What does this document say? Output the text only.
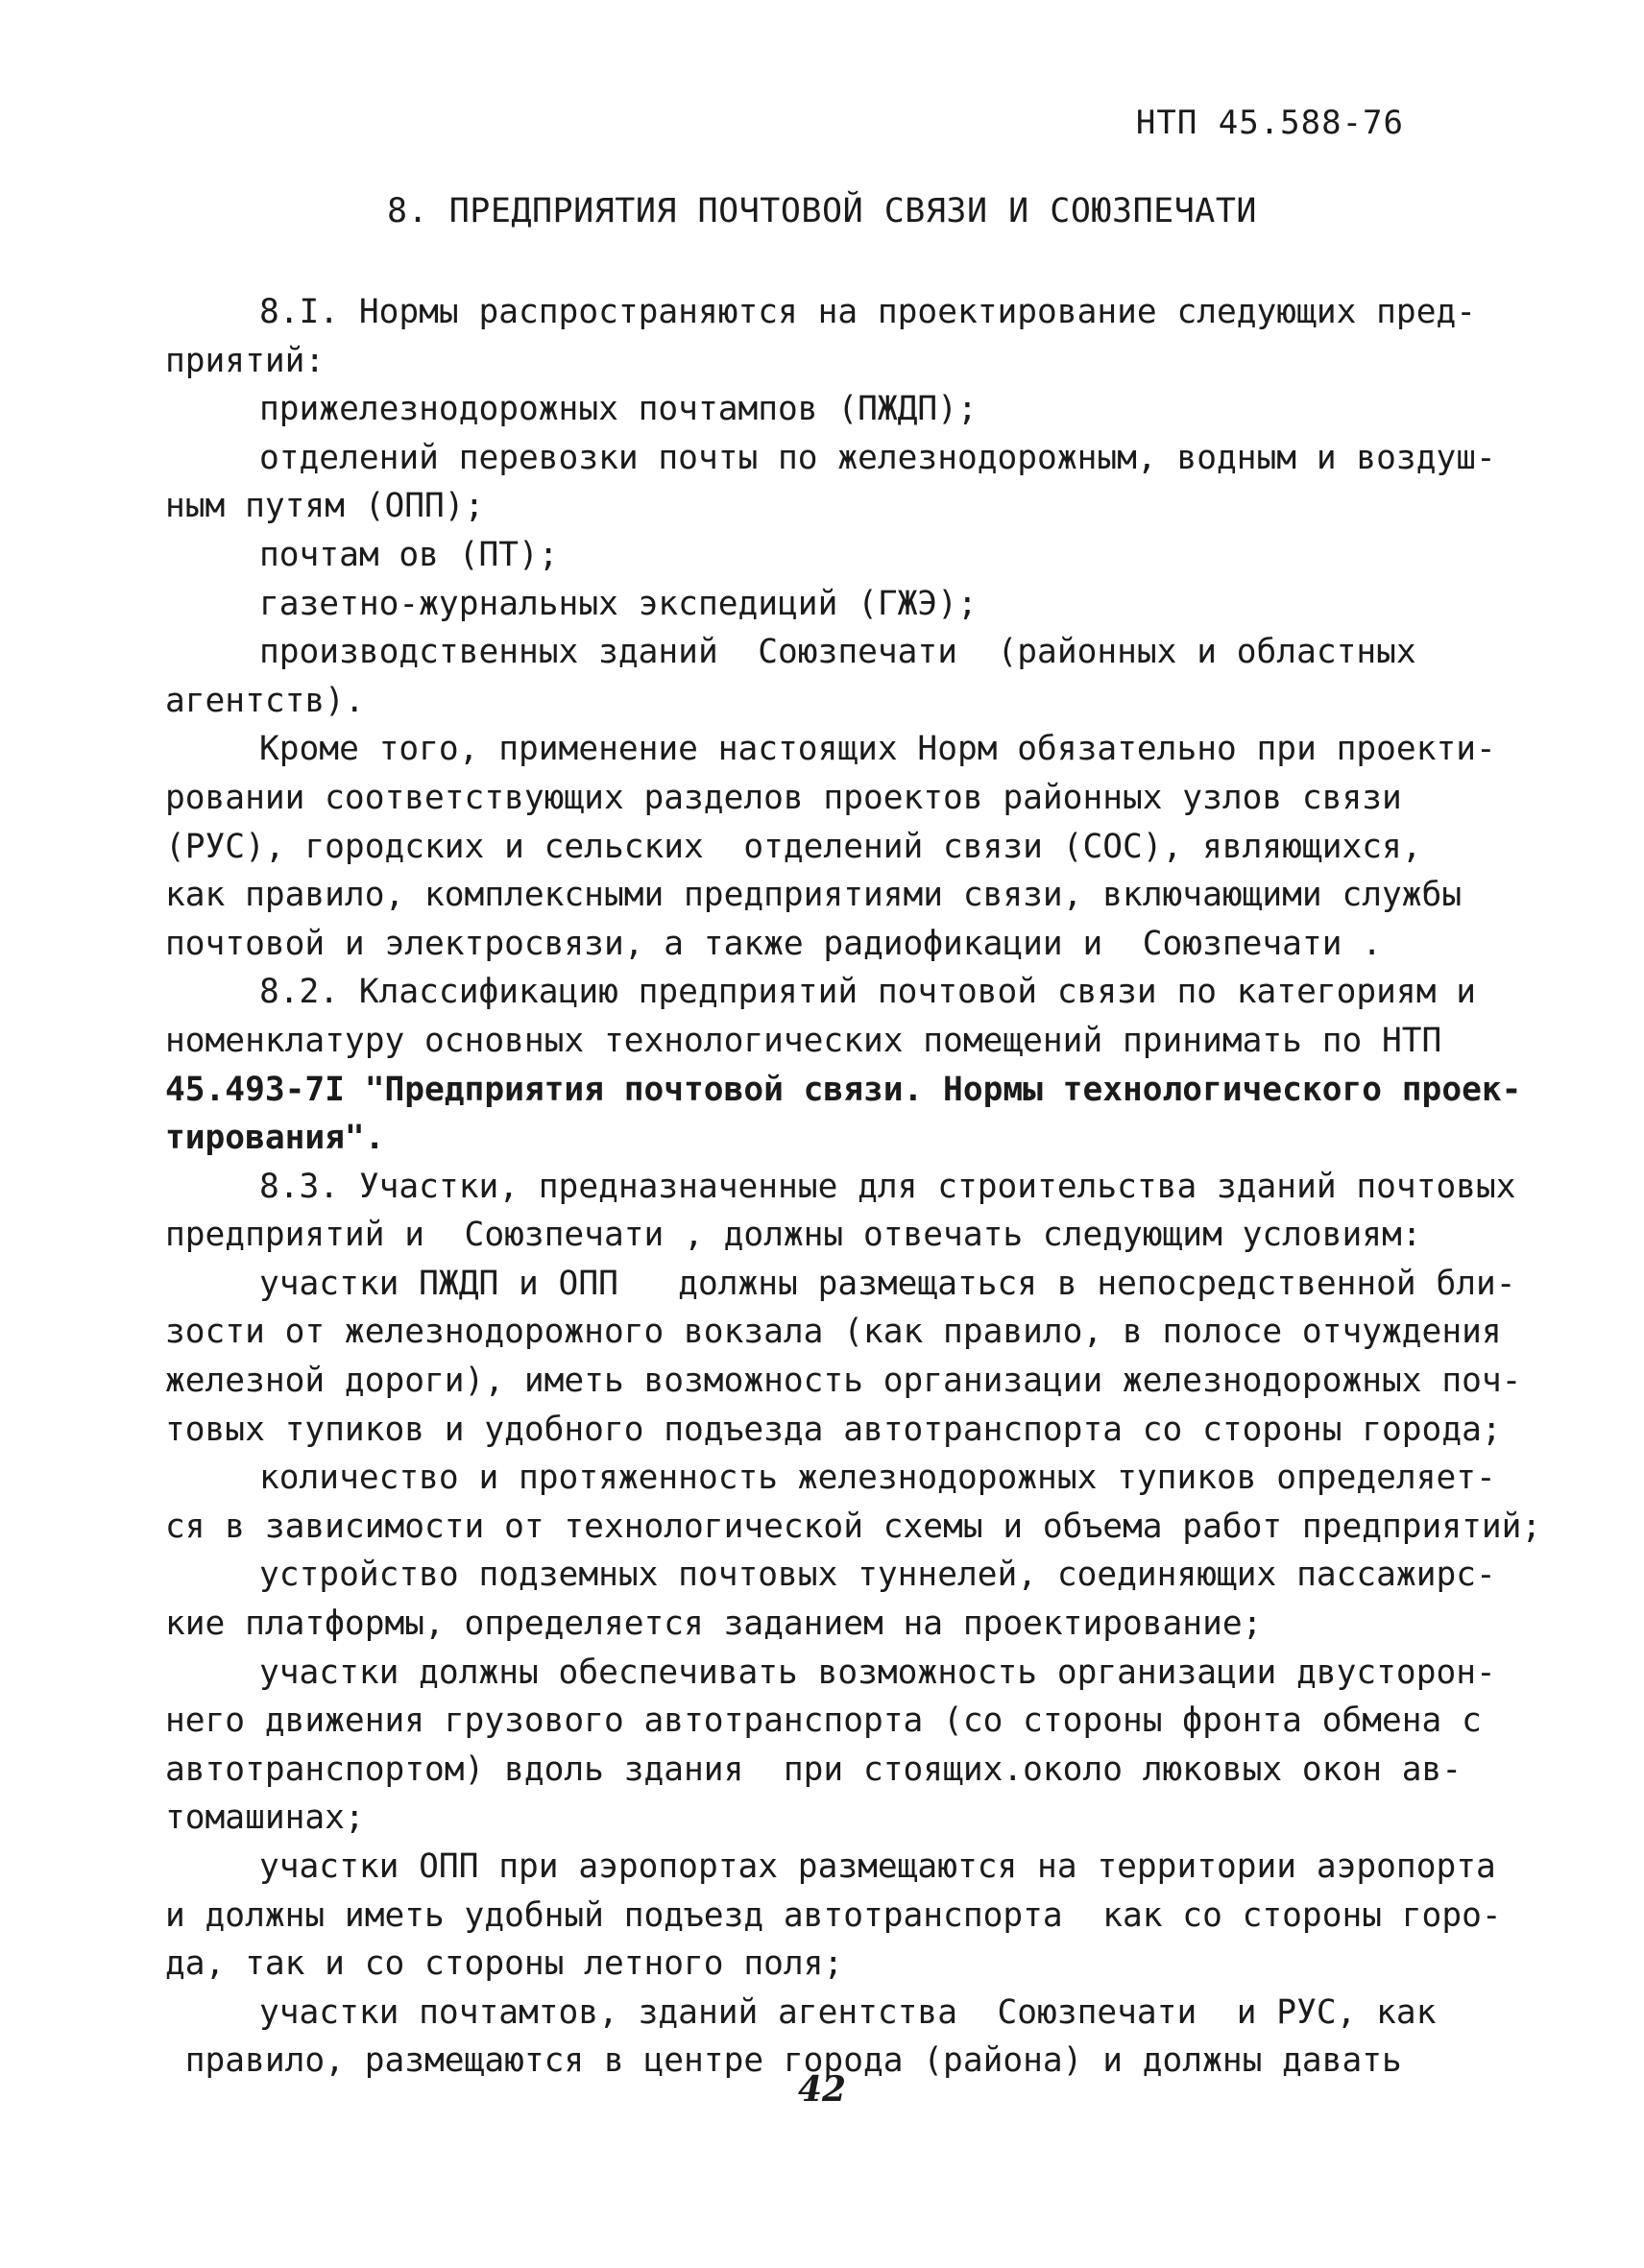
НТП 45.588-76
8. ПРЕДПРИЯТИЯ ПОЧТОВОЙ СВЯЗИ И СОЮЗПЕЧАТИ
8.I. Нормы распространяются на проектирование следующих пред-
приятий:
прижелезнодорожных почтампов (ПЖДП);
отделений перевозки почты по железнодорожным, водным и воздуш-
ным путям (ОПП);
почтам ов (ПТ);
газетно-журнальных экспедиций (ГЖЭ);
производственных зданий  Союзпечати  (районных и областных
агентств).
Кроме того, применение настоящих Норм обязательно при проекти-
ровании соответствующих разделов проектов районных узлов связи
(РУС), городских и сельских  отделений связи (СОС), являющихся,
как правило, комплексными предприятиями связи, включающими службы
почтовой и электросвязи, а также радиофикации и  Союзпечати .
8.2. Классификацию предприятий почтовой связи по категориям и
номенклатуру основных технологических помещений принимать по НТП
45.493-7I "Предприятия почтовой связи. Нормы технологического проек-
тирования".
8.3. Участки, предназначенные для строительства зданий почтовых
предприятий и  Союзпечати , должны отвечать следующим условиям:
участки ПЖДП и ОПП   должны размещаться в непосредственной бли-
зости от железнодорожного вокзала (как правило, в полосе отчуждения
железной дороги), иметь возможность организации железнодорожных поч-
товых тупиков и удобного подъезда автотранспорта со стороны города;
количество и протяженность железнодорожных тупиков определяет-
ся в зависимости от технологической схемы и объема работ предприятий;
устройство подземных почтовых туннелей, соединяющих пассажирс-
кие платформы, определяется заданием на проектирование;
участки должны обеспечивать возможность организации двусторон-
него движения грузового автотранспорта (со стороны фронта обмена с
автотранспортом) вдоль здания  при стоящих.около люковых окон ав-
томашинах;
участки ОПП при аэропортах размещаются на территории аэропорта
и должны иметь удобный подъезд автотранспорта  как со стороны горо-
да, так и со стороны летного поля;
участки почтамтов, зданий агентства  Союзпечати  и РУС, как
правило, размещаются в центре города (района) и должны давать
42
